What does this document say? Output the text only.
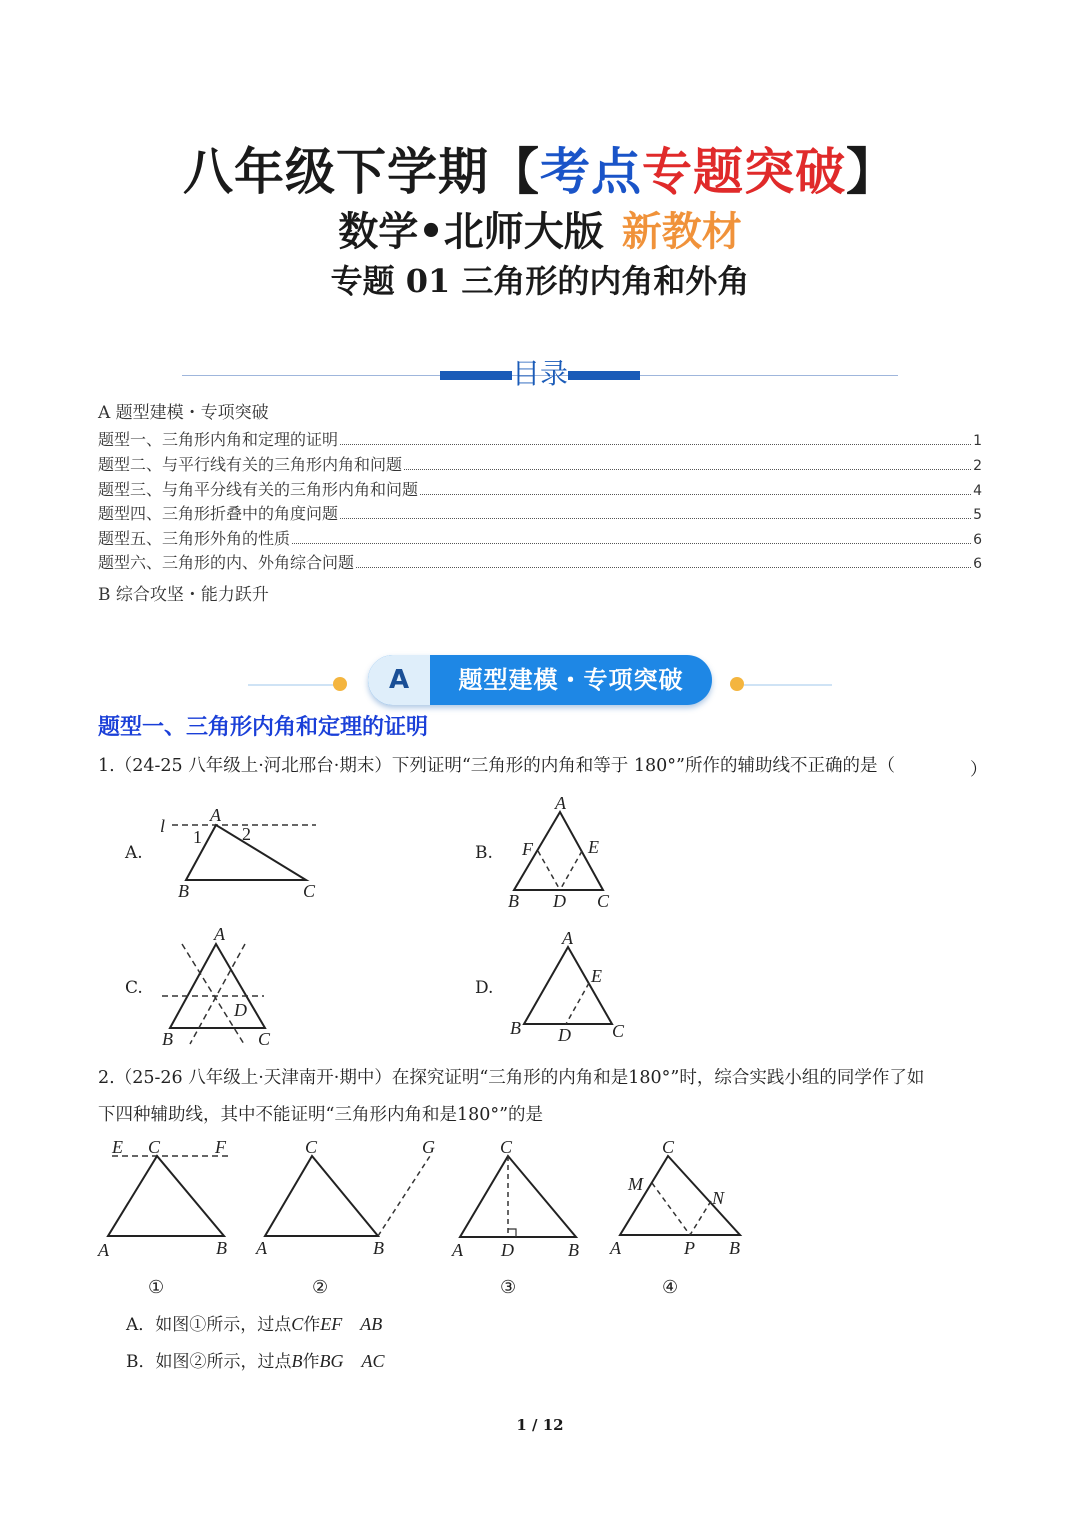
八年级下学期【考点专题突破】
数学•北师大版 新教材
专题 01 三角形的内角和外角
目录
A 题型建模・专项突破
题型一、三角形内角和定理的证明	1
题型二、与平行线有关的三角形内角和问题	2
题型三、与角平分线有关的三角形内角和问题	4
题型四、三角形折叠中的角度问题	5
题型五、三角形外角的性质	6
题型六、三角形的内、外角综合问题	6
B 综合攻坚・能力跃升
A	题型建模・专项突破
题型一、三角形内角和定理的证明
1.（24-25 八年级上·河北邢台·期末）下列证明“三角形的内角和等于 180°”所作的辅助线不正确的是（	）
A.	B.
C.	D.
l
A
1 2
B	C
A
F	E
B D C
A
D
B	C
A
E
B D C
2.（25-26 八年级上·天津南开·期中）在探究证明“三角形的内角和是180°”时，综合实践小组的同学作了如
下四种辅助线，其中不能证明“三角形内角和是180°”的是
E C	F
A	B
①
C	G
A	B
②
C
A D	B
③
C
M
N
A	P B
④
A．如图①所示，过点C作EF AB
B．如图②所示，过点B作BG AC
1 / 12
